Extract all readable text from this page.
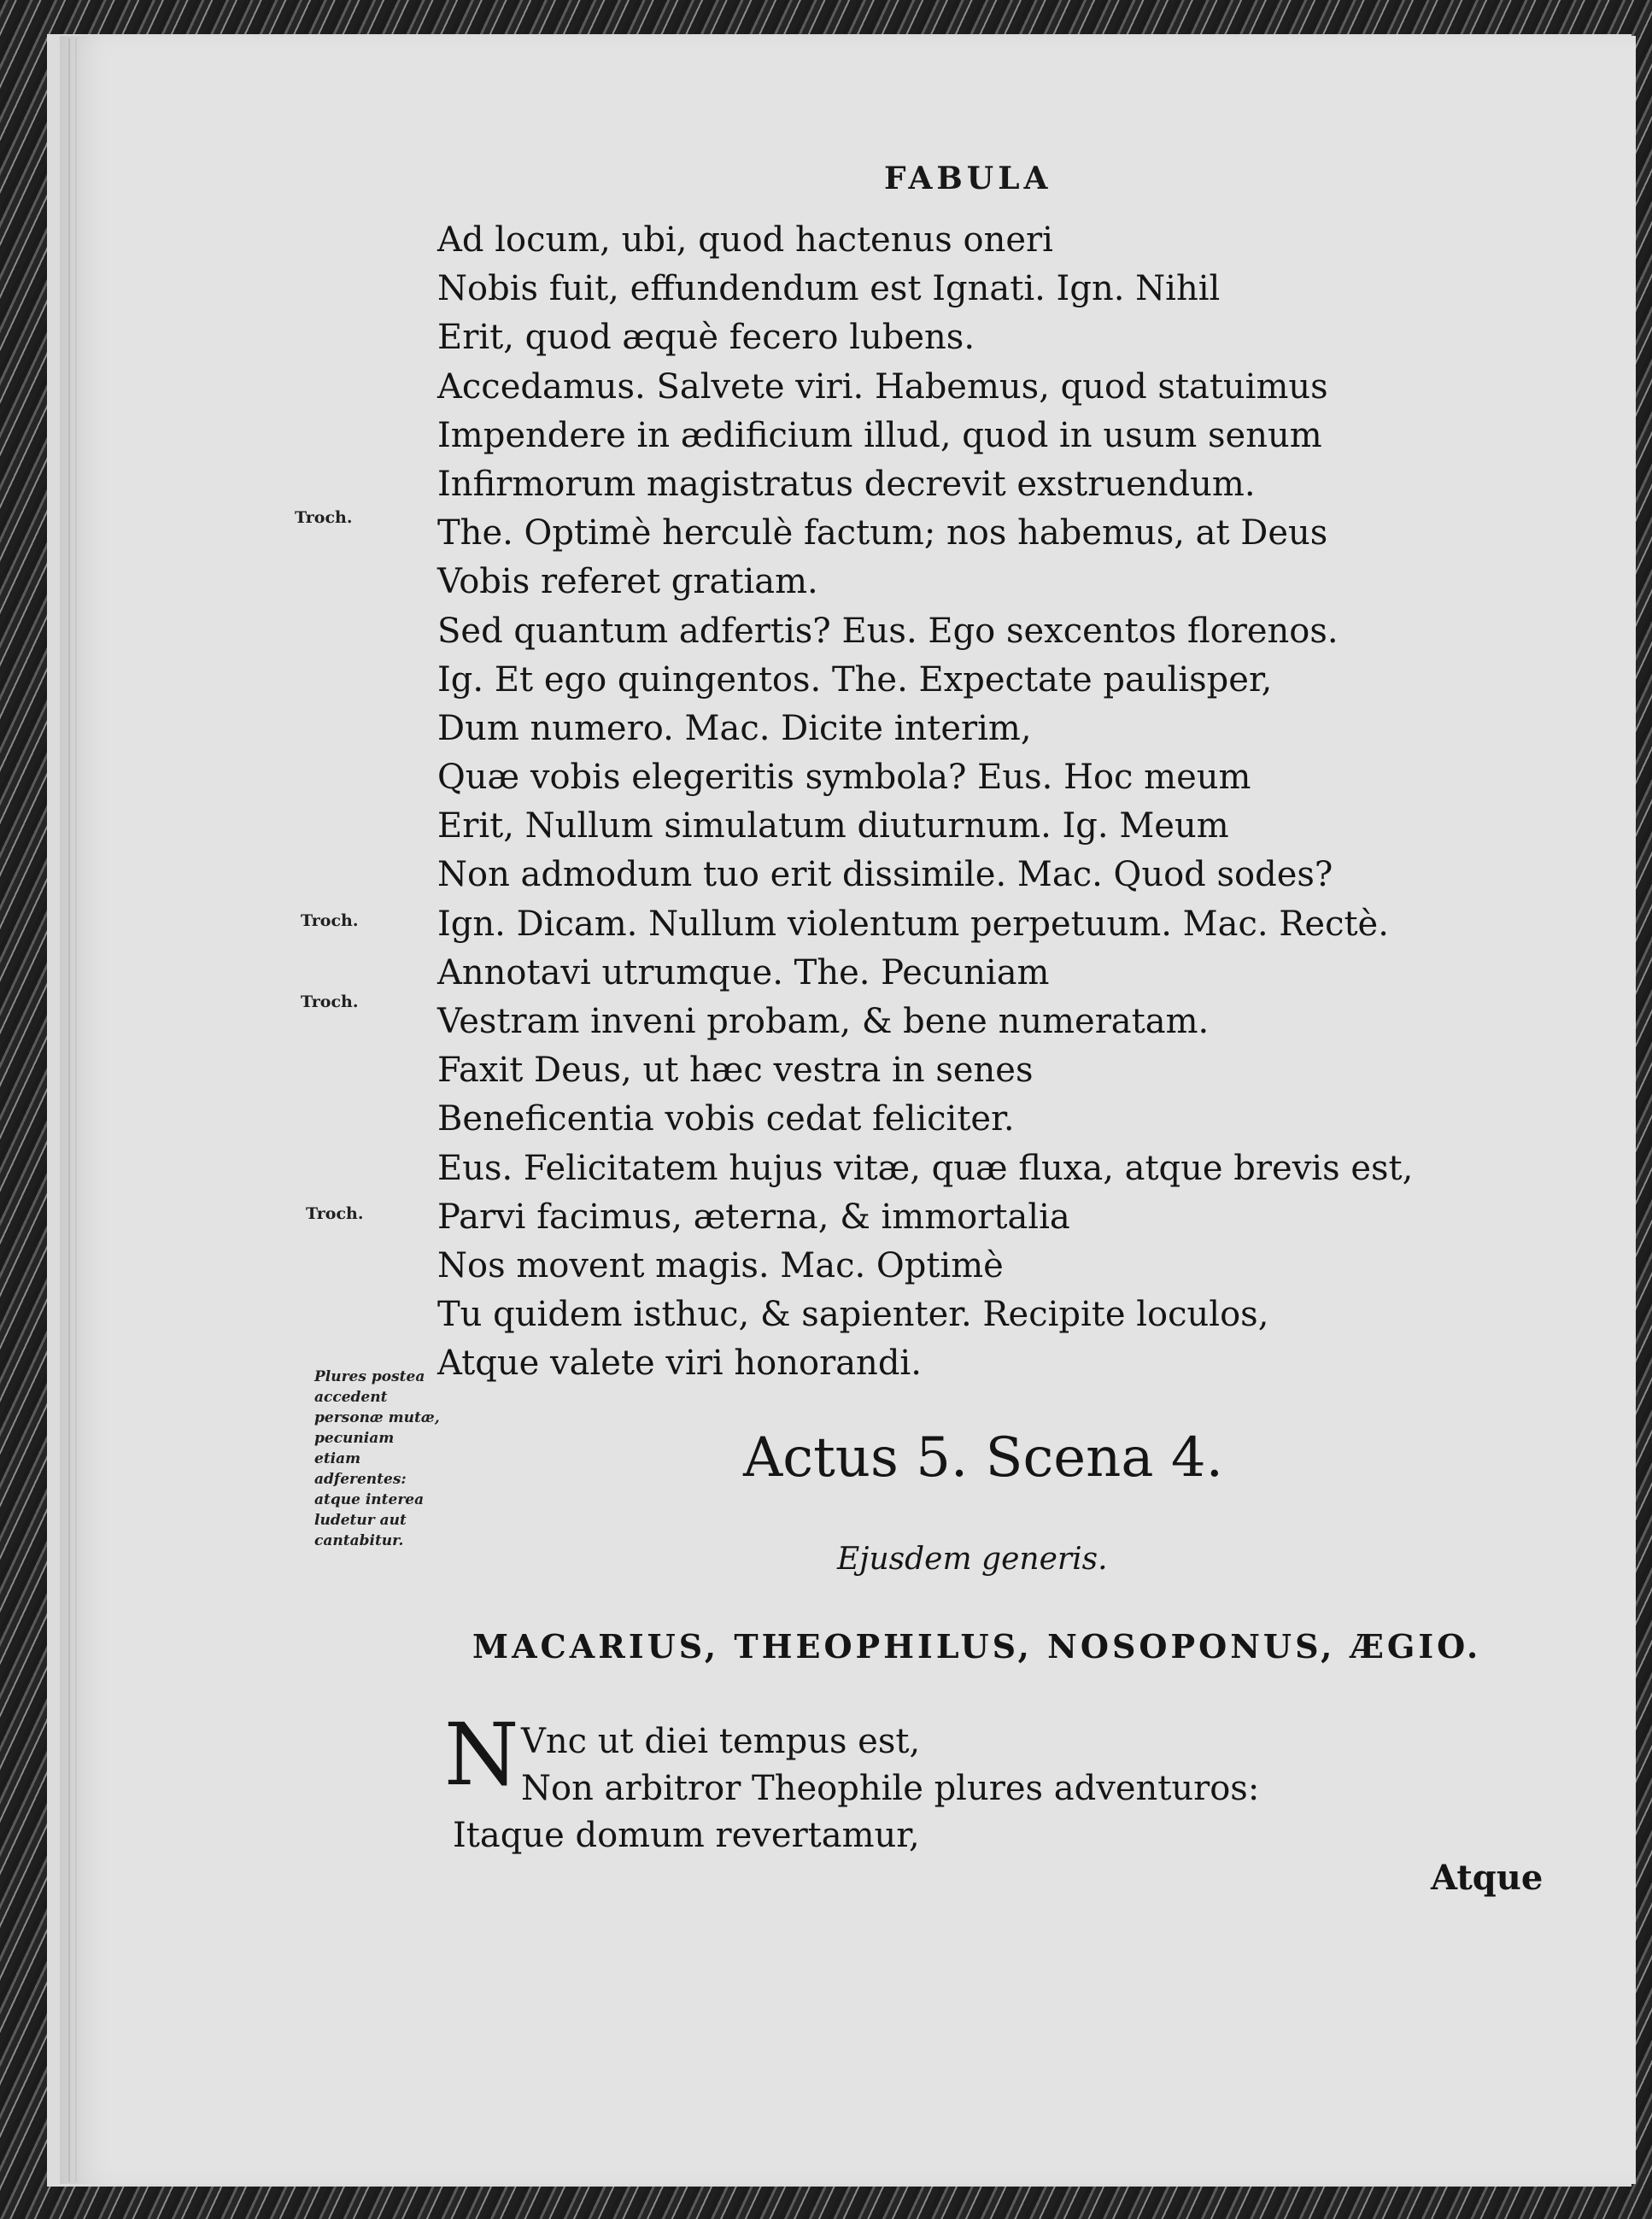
FABULA
Ad locum, ubi, quod hactenus oneri
Nobis fuit, effundendum est Ignati. Ign. Nihil
Erit, quod æquè fecero lubens.
Accedamus. Salvete viri. Habemus, quod statuimus
Impendere in ædificium illud, quod in usum senum
Infirmorum magistratus decrevit exstruendum.
The. Optimè herculè factum; nos habemus, at Deus
Vobis referet gratiam.
Sed quantum adfertis? Eus. Ego sexcentos florenos.
Ig. Et ego quingentos. The. Expectate paulisper,
Dum numero. Mac. Dicite interim,
Quæ vobis elegeritis symbola? Eus. Hoc meum
Erit, Nullum simulatum diuturnum. Ig. Meum
Non admodum tuo erit dissimile. Mac. Quod sodes?
Ign. Dicam. Nullum violentum perpetuum. Mac. Rectè.
Annotavi utrumque. The. Pecuniam
Vestram inveni probam, & bene numeratam.
Faxit Deus, ut hæc vestra in senes
Beneficentia vobis cedat feliciter.
Eus. Felicitatem hujus vitæ, quæ fluxa, atque brevis est,
Parvi facimus, æterna, & immortalia
Nos movent magis. Mac. Optimè
Tu quidem isthuc, & sapienter. Recipite loculos,
Atque valete viri honorandi.
Troch.
Troch.
Troch.
Troch.
Plures postea accedent personæ mutæ, pecuniam etiam adferentes: atque interea ludetur aut cantabitur.
Actus 5. Scena 4.
Ejusdem generis.
MACARIUS, THEOPHILUS, NOSOPONUS, ÆGIO.
N Vnc ut diei tempus est,
Non arbitror Theophile plures adventuros:
Itaque domum revertamur,
Atque
